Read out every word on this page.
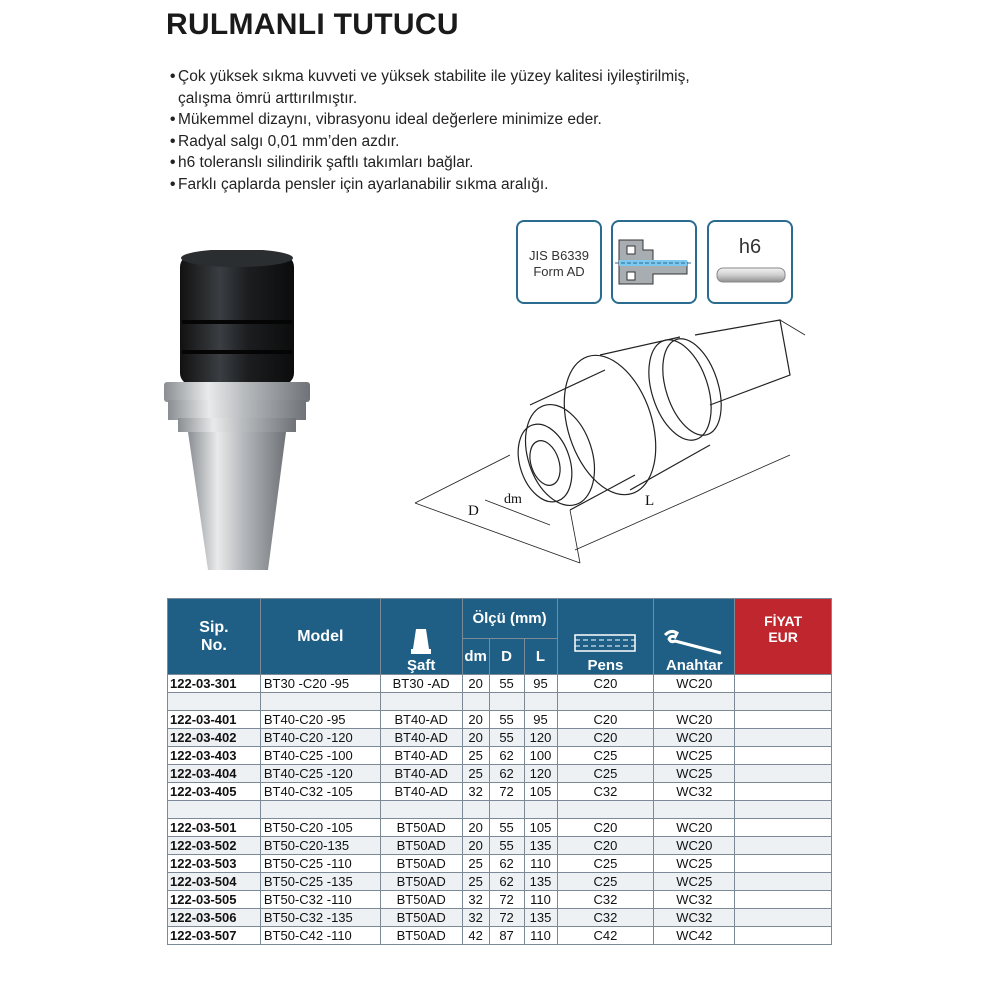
RULMANLI TUTUCU
• Çok yüksek sıkma kuvveti ve yüksek stabilite ile yüzey kalitesi iyileştirilmiş,
çalışma ömrü arttırılmıştır.
• Mükemmel dizaynı, vibrasyonu ideal değerlere minimize eder.
• Radyal salgı 0,01 mm’den azdır.
• h6 toleranslı silindirik şaftlı takımları bağlar.
• Farklı çaplarda pensler için ayarlanabilir sıkma aralığı.
JIS B6339
Form AD
h6
D
dm	L
Sip.
No.	Model	Şaft	Ölçü (mm)			Pens	Anahtar	FİYAT
EUR
			dm	D	L			
122-03-301	BT30 -C20 -95	BT30 -AD	20	55	95	C20	WC20	

122-03-401	BT40-C20 -95	BT40-AD	20	55	95	C20	WC20	
122-03-402	BT40-C20 -120	BT40-AD	20	55	120	C20	WC20	
122-03-403	BT40-C25 -100	BT40-AD	25	62	100	C25	WC25	
122-03-404	BT40-C25 -120	BT40-AD	25	62	120	C25	WC25	
122-03-405	BT40-C32 -105	BT40-AD	32	72	105	C32	WC32	

122-03-501	BT50-C20 -105	BT50AD	20	55	105	C20	WC20	
122-03-502	BT50-C20-135	BT50AD	20	55	135	C20	WC20	
122-03-503	BT50-C25 -110	BT50AD	25	62	110	C25	WC25	
122-03-504	BT50-C25 -135	BT50AD	25	62	135	C25	WC25	
122-03-505	BT50-C32 -110	BT50AD	32	72	110	C32	WC32	
122-03-506	BT50-C32 -135	BT50AD	32	72	135	C32	WC32	
122-03-507	BT50-C42 -110	BT50AD	42	87	110	C42	WC42	
